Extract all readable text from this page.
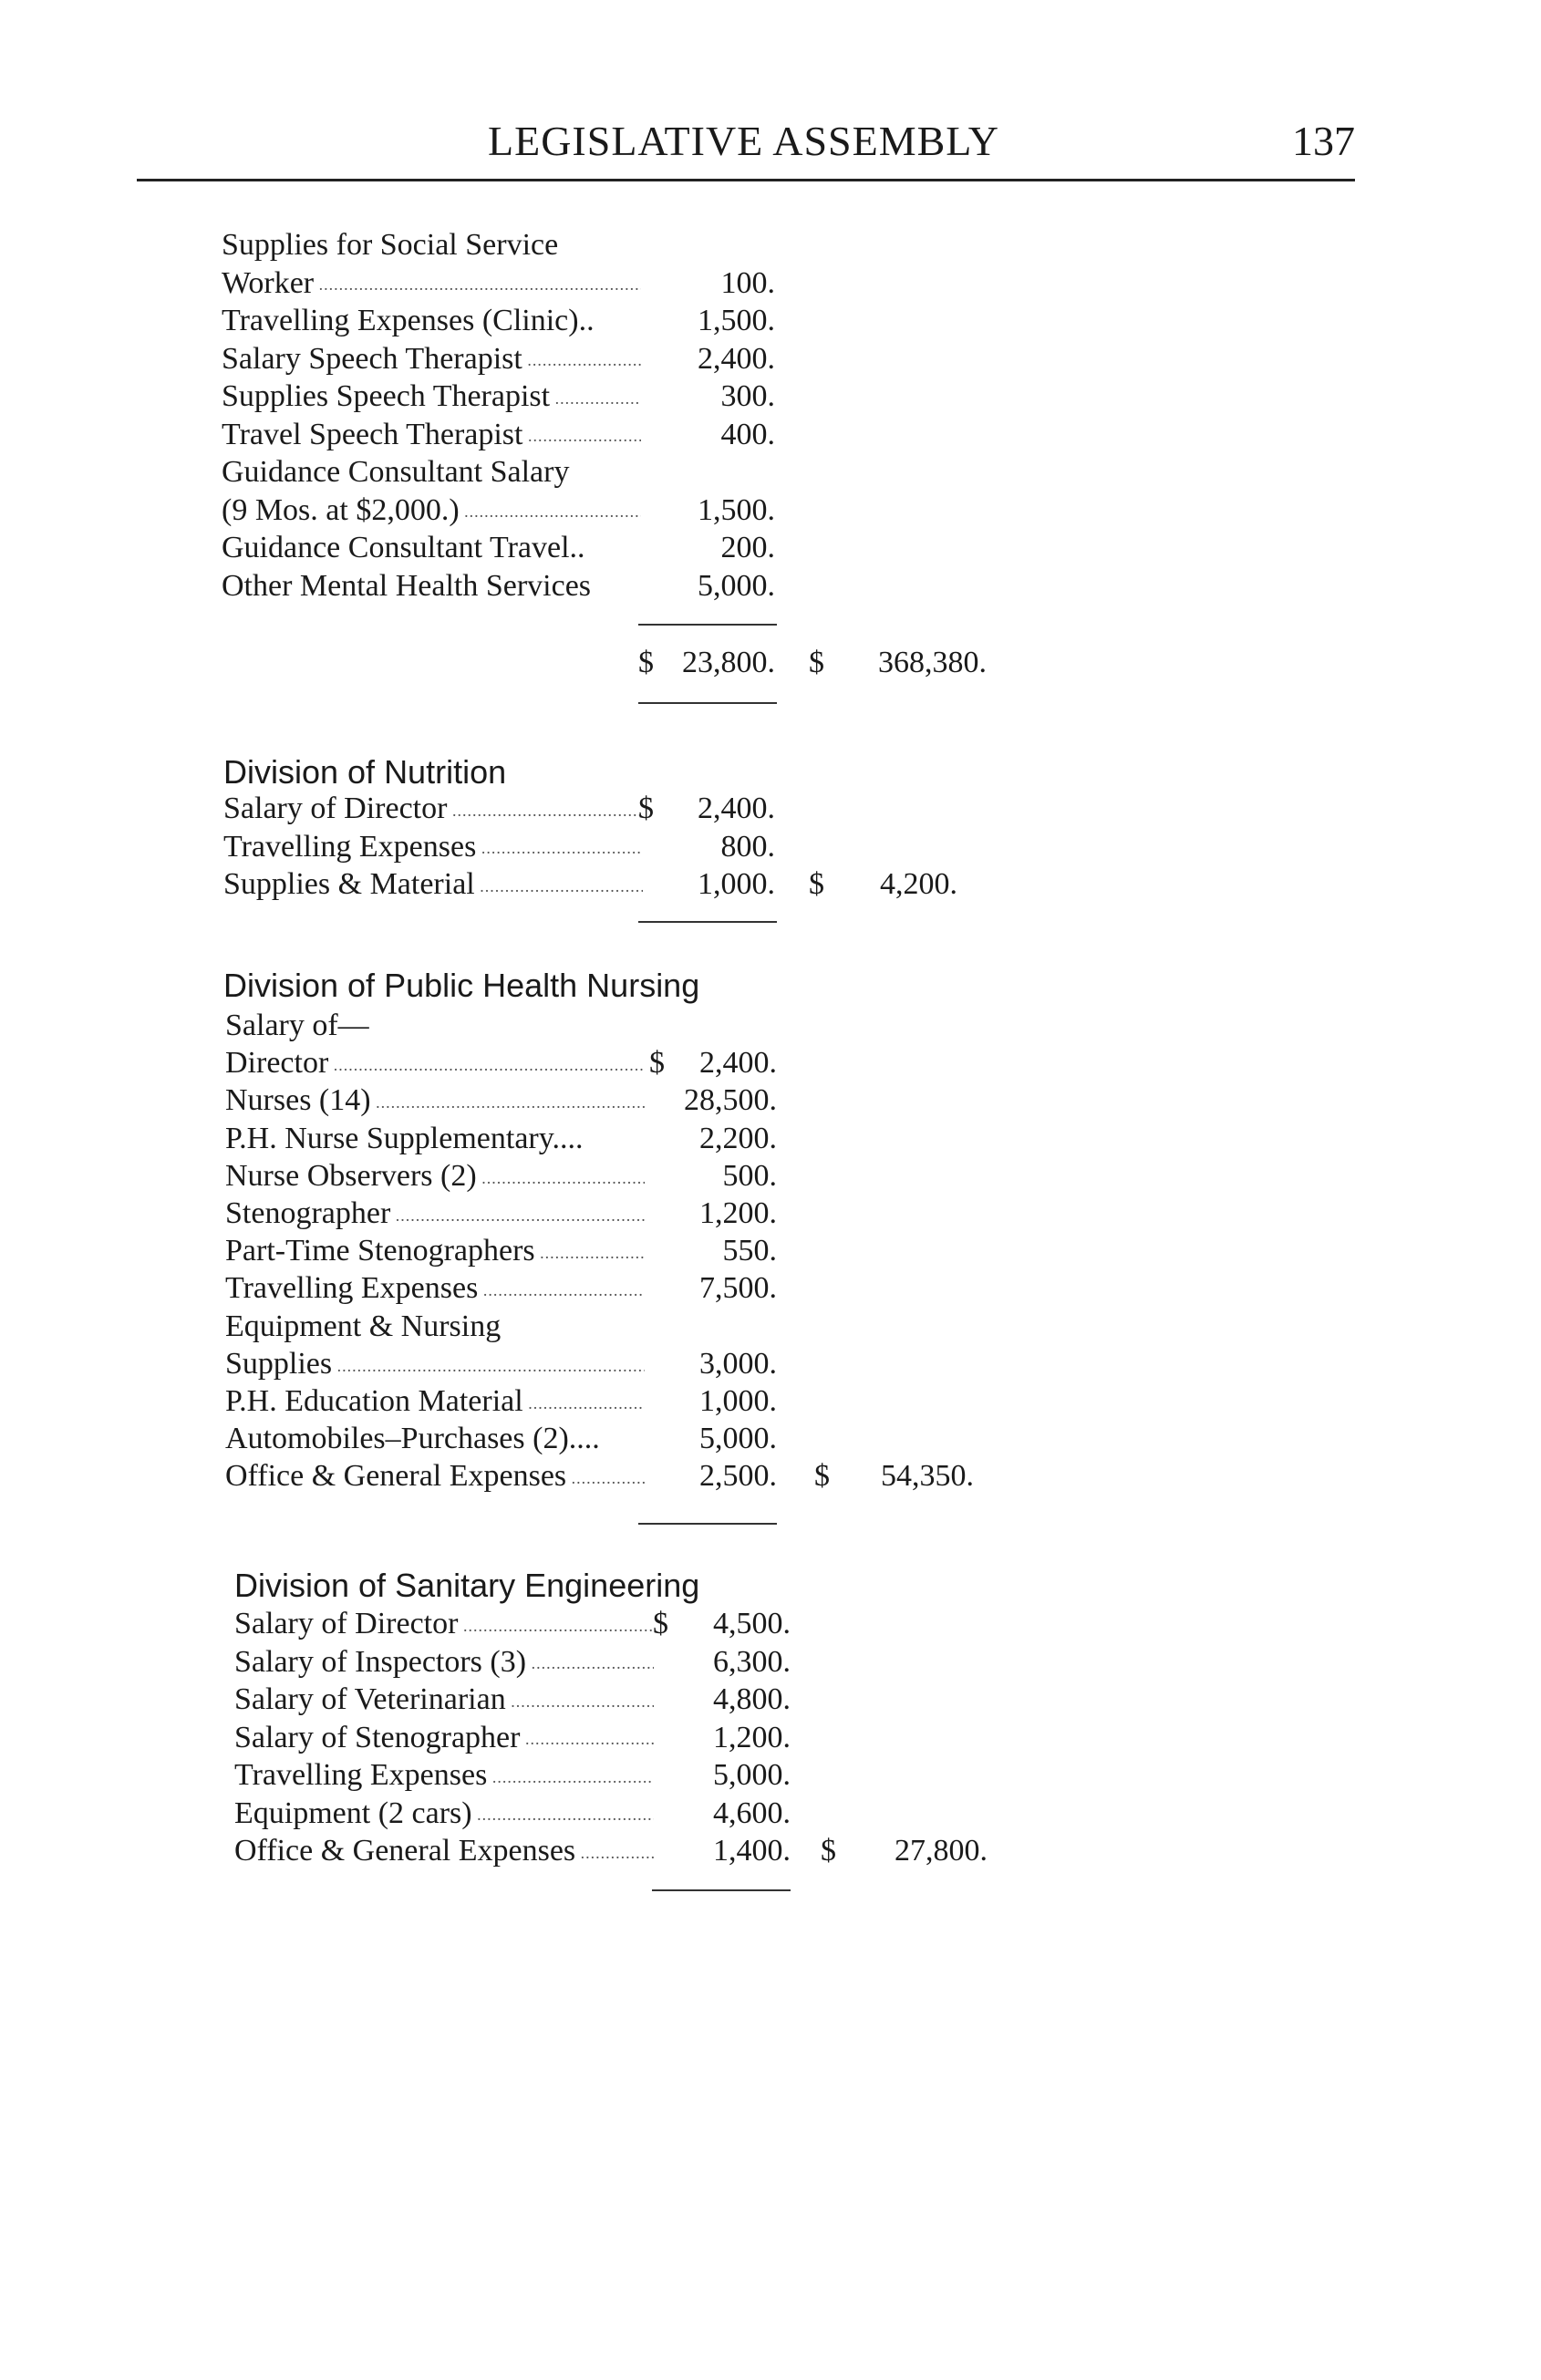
LEGISLATIVE ASSEMBLY	137
Supplies for Social Service
Worker .....	100.
Travelling Expenses (Clinic)..	1,500.
Salary Speech Therapist .....	2,400.
Supplies Speech Therapist .....	300.
Travel Speech Therapist .....	400.
Guidance Consultant Salary
(9 Mos. at $2,000.) .....	1,500.
Guidance Consultant Travel..	200.
Other Mental Health Services	5,000.
$ 23,800. $	368,380.
Division of Nutrition
Salary of Director .....	$	2,400.
Travelling Expenses .....	800.
Supplies & Material .....	1,000. $	4,200.
Division of Public Health Nursing
Salary of—
Director .....	$	2,400.
Nurses (14) .....	28,500.
P.H. Nurse Supplementary....	2,200.
Nurse Observers (2) .....	500.
Stenographer .....	1,200.
Part-Time Stenographers .....	550.
Travelling Expenses .....	7,500.
Equipment & Nursing
Supplies .....	3,000.
P.H. Education Material .....	1,000.
Automobiles–Purchases (2)....	5,000.
Office & General Expenses .....	2,500. $	54,350.
Division of Sanitary Engineering
Salary of Director .....	$	4,500.
Salary of Inspectors (3) .....	6,300.
Salary of Veterinarian .....	4,800.
Salary of Stenographer .....	1,200.
Travelling Expenses .....	5,000.
Equipment (2 cars) .....	4,600.
Office & General Expenses .....	1,400. $	27,800.
